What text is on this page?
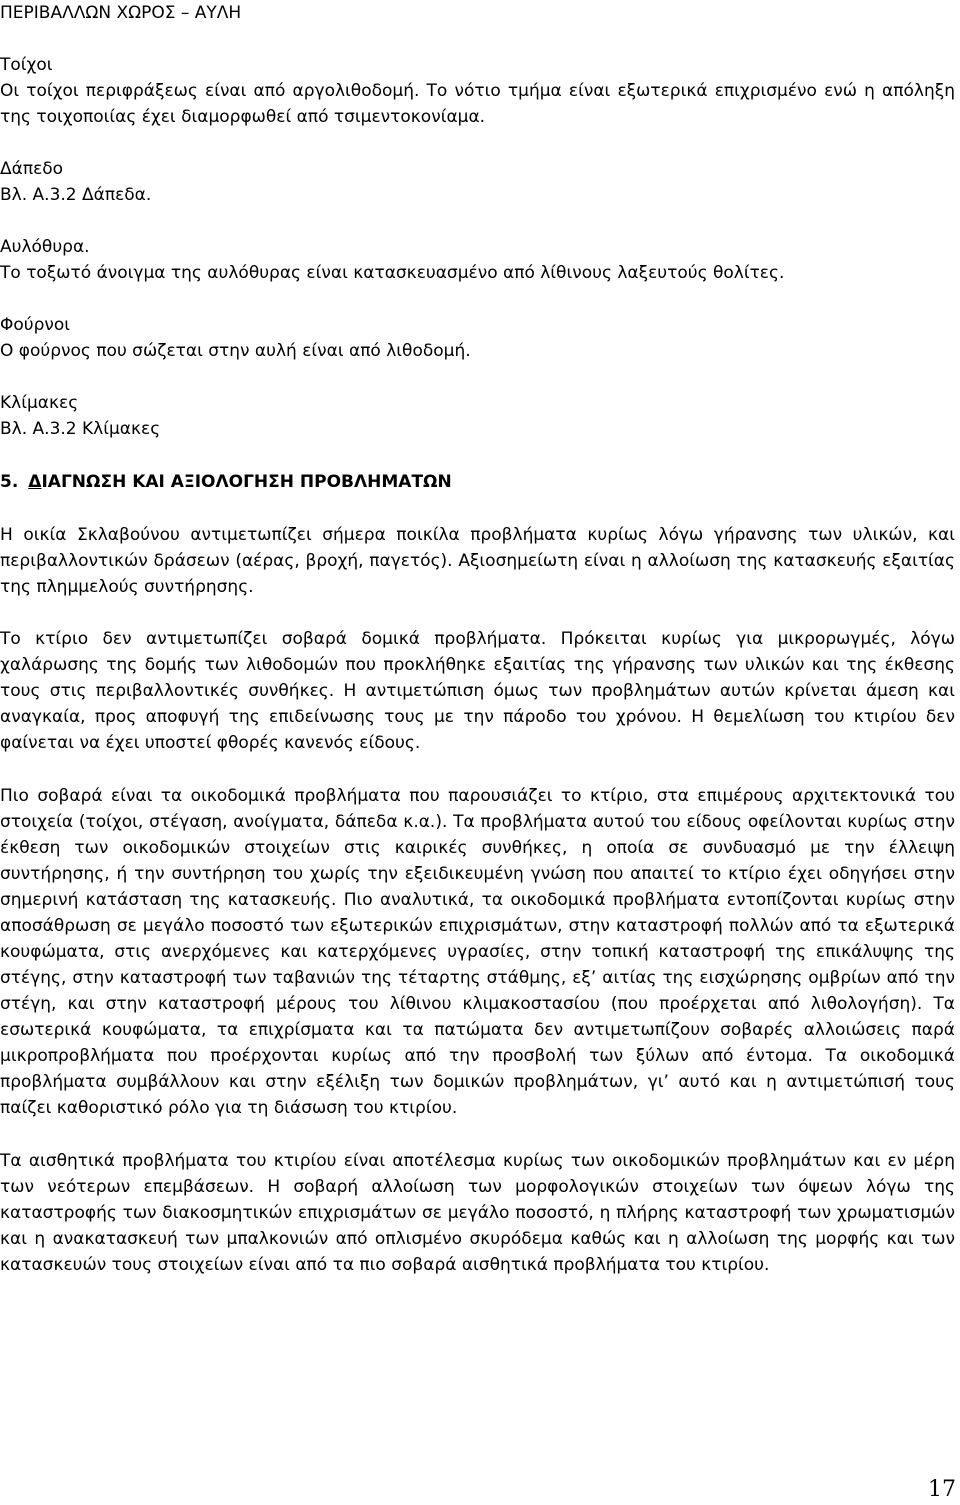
ΠΕΡΙΒΑΛΛΩΝ ΧΩΡΟΣ – ΑΥΛΗ

Τοίχοι

Οι τοίχοι περιφράξεως είναι από αργολιθοδομή. Το νότιο τμήμα είναι εξωτερικά επιχρισμένο ενώ η απόληξη της τοιχοποιίας έχει διαμορφωθεί από τσιμεντοκονίαμα.

Δάπεδο

Βλ. Α.3.2 Δάπεδα.

Αυλόθυρα.

Το τοξωτό άνοιγμα της αυλόθυρας είναι κατασκευασμένο από λίθινους λαξευτούς θολίτες.

Φούρνοι

Ο φούρνος που σώζεται στην αυλή είναι από λιθοδομή.

Κλίμακες

Βλ. Α.3.2 Κλίμακες

5. ΔΙΑΓΝΩΣΗ ΚΑΙ ΑΞΙΟΛΟΓΗΣΗ ΠΡΟΒΛΗΜΑΤΩΝ

Η οικία Σκλαβούνου αντιμετωπίζει σήμερα ποικίλα προβλήματα κυρίως λόγω γήρανσης των υλικών, και περιβαλλοντικών δράσεων (αέρας, βροχή, παγετός). Αξιοσημείωτη είναι η αλλοίωση της κατασκευής εξαιτίας της πλημμελούς συντήρησης.

Το κτίριο δεν αντιμετωπίζει σοβαρά δομικά προβλήματα. Πρόκειται κυρίως για μικρορωγμές, λόγω χαλάρωσης της δομής των λιθοδομών που προκλήθηκε εξαιτίας της γήρανσης των υλικών και της έκθεσης τους στις περιβαλλοντικές συνθήκες. Η αντιμετώπιση όμως των προβλημάτων αυτών κρίνεται άμεση και αναγκαία, προς αποφυγή της επιδείνωσης τους με την πάροδο του χρόνου. Η θεμελίωση του κτιρίου δεν φαίνεται να έχει υποστεί φθορές κανενός είδους.

Πιο σοβαρά είναι τα οικοδομικά προβλήματα που παρουσιάζει το κτίριο, στα επιμέρους αρχιτεκτονικά του στοιχεία (τοίχοι, στέγαση, ανοίγματα, δάπεδα κ.α.). Τα προβλήματα αυτού του είδους οφείλονται κυρίως στην έκθεση των οικοδομικών στοιχείων στις καιρικές συνθήκες, η οποία σε συνδυασμό με την έλλειψη συντήρησης, ή την συντήρηση του χωρίς την εξειδικευμένη γνώση που απαιτεί το κτίριο έχει οδηγήσει στην σημερινή κατάσταση της κατασκευής. Πιο αναλυτικά, τα οικοδομικά προβλήματα εντοπίζονται κυρίως στην αποσάθρωση σε μεγάλο ποσοστό των εξωτερικών επιχρισμάτων, στην καταστροφή πολλών από τα εξωτερικά κουφώματα, στις ανερχόμενες και κατερχόμενες υγρασίες, στην τοπική καταστροφή της επικάλυψης της στέγης, στην καταστροφή των ταβανιών της τέταρτης στάθμης, εξ’ αιτίας της εισχώρησης ομβρίων από την στέγη, και στην καταστροφή μέρους του λίθινου κλιμακοστασίου (που προέρχεται από λιθολογήση). Τα εσωτερικά κουφώματα, τα επιχρίσματα και τα πατώματα δεν αντιμετωπίζουν σοβαρές αλλοιώσεις παρά μικροπροβλήματα που προέρχονται κυρίως από την προσβολή των ξύλων από έντομα. Τα οικοδομικά προβλήματα συμβάλλουν και στην εξέλιξη των δομικών προβλημάτων, γι’ αυτό και η αντιμετώπισή τους παίζει καθοριστικό ρόλο για τη διάσωση του κτιρίου.

Τα αισθητικά προβλήματα του κτιρίου είναι αποτέλεσμα κυρίως των οικοδομικών προβλημάτων και εν μέρη των νεότερων επεμβάσεων. Η σοβαρή αλλοίωση των μορφολογικών στοιχείων των όψεων λόγω της καταστροφής των διακοσμητικών επιχρισμάτων σε μεγάλο ποσοστό, η πλήρης καταστροφή των χρωματισμών και η ανακατασκευή των μπαλκονιών από οπλισμένο σκυρόδεμα καθώς και η αλλοίωση της μορφής και των κατασκευών τους στοιχείων είναι από τα πιο σοβαρά αισθητικά προβλήματα του κτιρίου.

17
